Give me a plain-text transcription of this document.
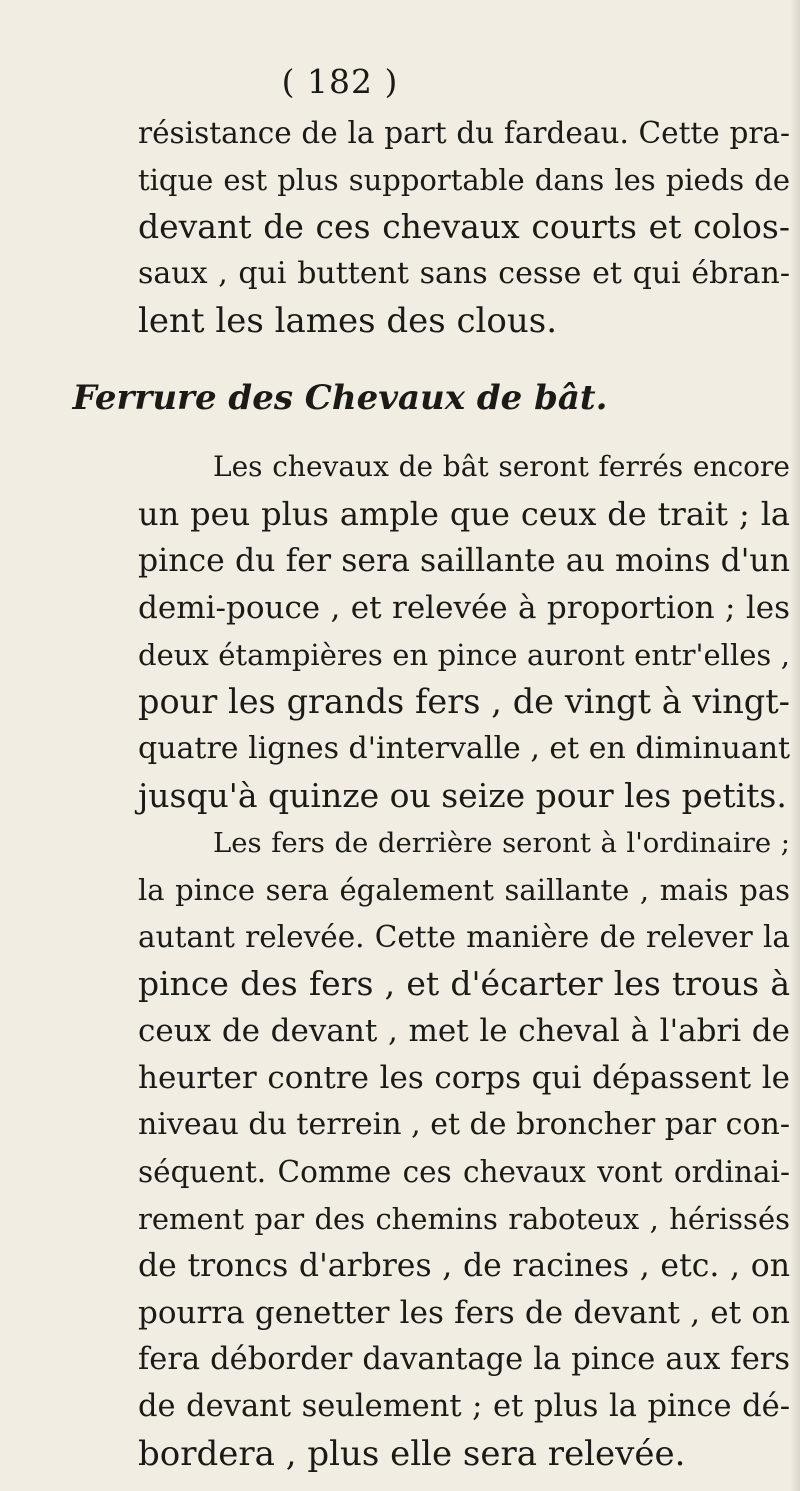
( 182 )

résistance de la part du fardeau. Cette pra-

tique est plus supportable dans les pieds de

devant de ces chevaux courts et colos-

saux , qui buttent sans cesse et qui ébran-

lent les lames des clous.

Ferrure des Chevaux de bât.

Les chevaux de bât seront ferrés encore

un peu plus ample que ceux de trait ; la

pince du fer sera saillante au moins d'un

demi-pouce , et relevée à proportion ; les

deux étampières en pince auront entr'elles ,

pour les grands fers , de vingt à vingt-

quatre lignes d'intervalle , et en diminuant

jusqu'à quinze ou seize pour les petits.

Les fers de derrière seront à l'ordinaire ;

la pince sera également saillante , mais pas

autant relevée. Cette manière de relever la

pince des fers , et d'écarter les trous à

ceux de devant , met le cheval à l'abri de

heurter contre les corps qui dépassent le

niveau du terrein , et de broncher par con-

séquent. Comme ces chevaux vont ordinai-

rement par des chemins raboteux , hérissés

de troncs d'arbres , de racines , etc. , on

pourra genetter les fers de devant , et on

fera déborder davantage la pince aux fers

de devant seulement ; et plus la pince dé-

bordera , plus elle sera relevée.
